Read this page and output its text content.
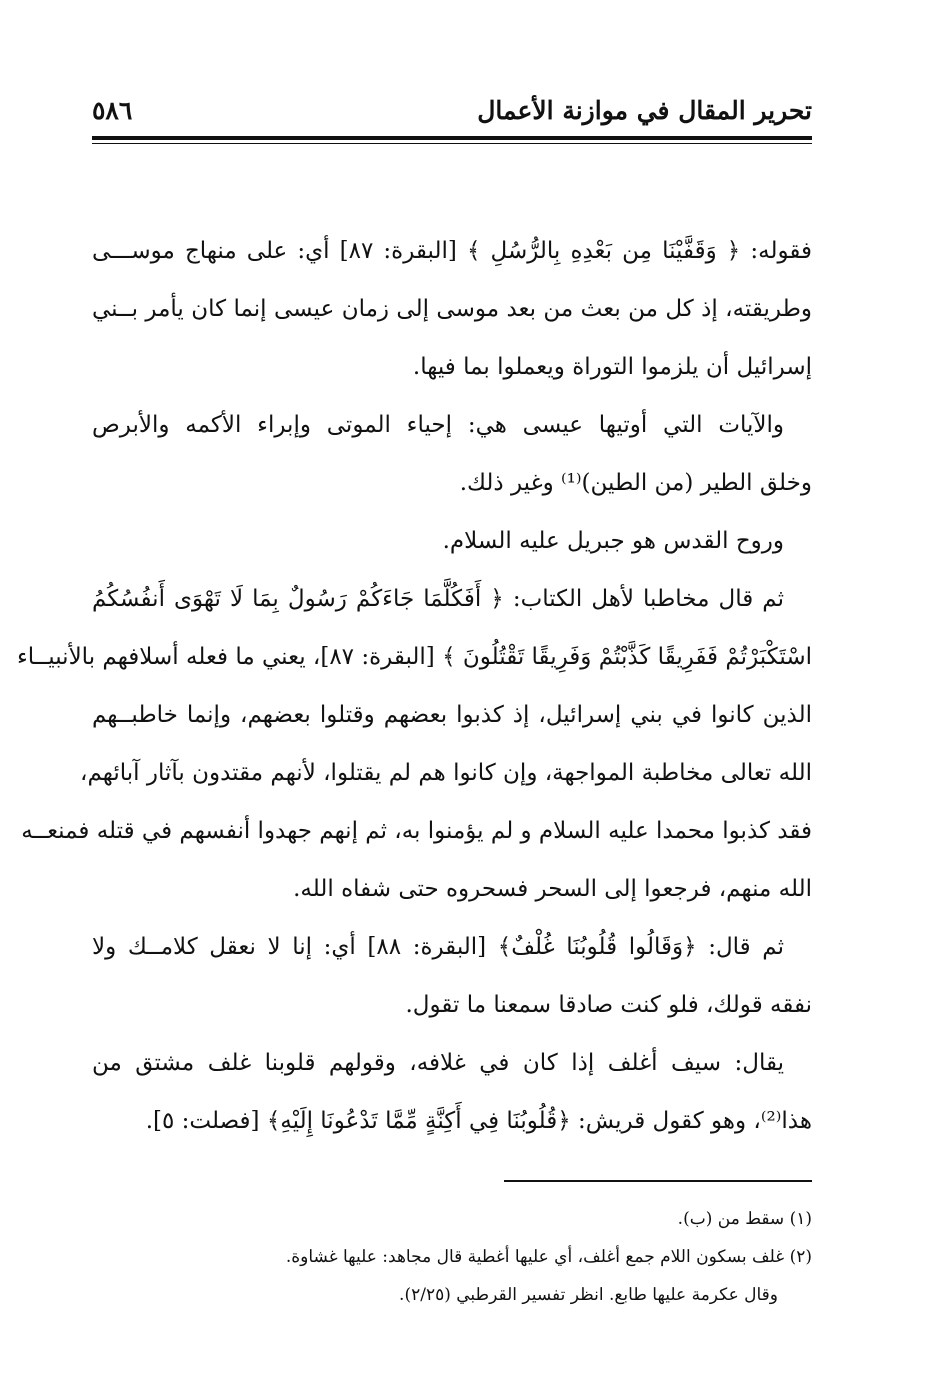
تحرير المقال في موازنة الأعمال
٥٨٦
فقوله: ﴿ وَقَفَّيْنَا مِن بَعْدِهِ بِالرُّسُلِ ﴾ [البقرة: ٨٧] أي: على منهاج موســـى
وطريقته، إذ كل من بعث من بعد موسى إلى زمان عيسى إنما كان يأمر بــني
إسرائيل أن يلزموا التوراة ويعملوا بما فيها.
والآيات التي أوتيها عيسى هي: إحياء الموتى وإبراء الأكمه والأبرص
وخلق الطير (من الطين)⁽¹⁾ وغير ذلك.
وروح القدس هو جبريل عليه السلام.
ثم قال مخاطبا لأهل الكتاب: ﴿ أَفَكُلَّمَا جَاءَكُمْ رَسُولٌ بِمَا لَا تَهْوَى أَنفُسُكُمُ
اسْتَكْبَرْتُمْ فَفَرِيقًا كَذَّبْتُمْ وَفَرِيقًا تَقْتُلُونَ ﴾ [البقرة: ٨٧]، يعني ما فعله أسلافهم بالأنبيــاء
الذين كانوا في بني إسرائيل، إذ كذبوا بعضهم وقتلوا بعضهم، وإنما خاطبــهم
الله تعالى مخاطبة المواجهة، وإن كانوا هم لم يقتلوا، لأنهم مقتدون بآثار آبائهم،
فقد كذبوا محمدا عليه السلام و لم يؤمنوا به، ثم إنهم جهدوا أنفسهم في قتله فمنعــه
الله منهم، فرجعوا إلى السحر فسحروه حتى شفاه الله.
ثم قال: ﴿وَقَالُوا قُلُوبُنَا غُلْفٌ﴾ [البقرة: ٨٨] أي: إنا لا نعقل كلامــك ولا
نفقه قولك، فلو كنت صادقا سمعنا ما تقول.
يقال: سيف أغلف إذا كان في غلافه، وقولهم قلوبنا غلف مشتق من
هذا⁽²⁾، وهو كقول قريش: ﴿قُلُوبُنَا فِي أَكِنَّةٍ مِّمَّا تَدْعُونَا إِلَيْهِ﴾ [فصلت: ٥].
(١) سقط من (ب).
(٢) غلف بسكون اللام جمع أغلف، أي عليها أغطية قال مجاهد: عليها غشاوة.
وقال عكرمة عليها طابع. انظر تفسير القرطبي (٢/٢٥).
